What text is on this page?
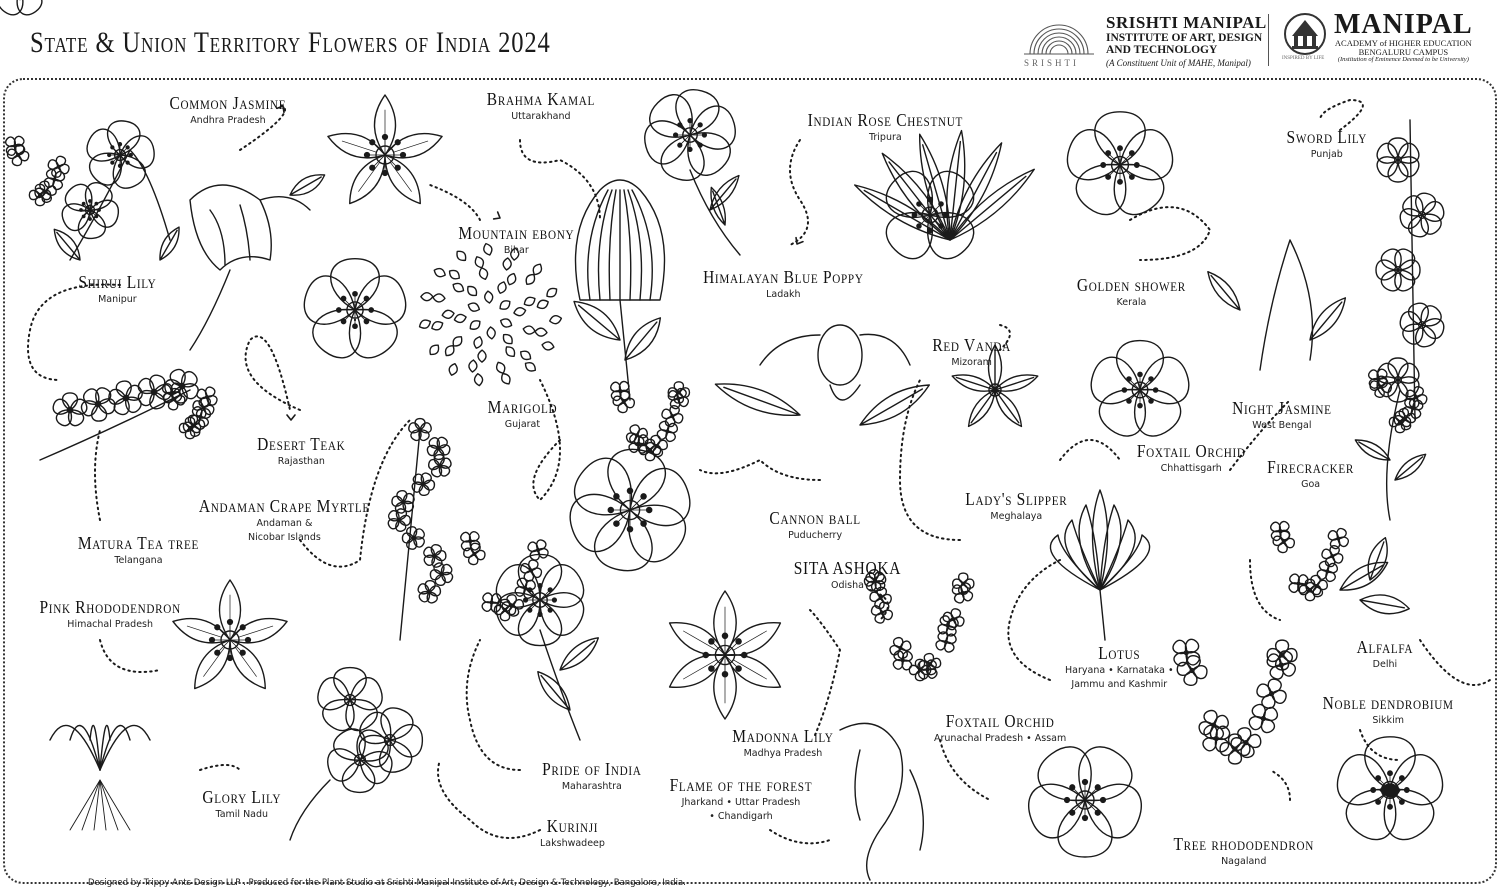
State & Union Territory Flowers of India 2024
SRISHTI
SRISHTI MANIPAL
INSTITUTE OF ART, DESIGN
AND TECHNOLOGY
(A Constituent Unit of MAHE, Manipal)	INSPIRED BY LIFE
MANIPAL
ACADEMY of HIGHER EDUCATION
BENGALURU CAMPUS
(Institution of Eminence Deemed to be University)
Common Jasmine
Andhra Pradesh
Brahma Kamal
Uttarakhand	Indian Rose Chestnut
Tripura	Sword Lily
Punjab
Shirui Lily
Manipur
Mountain ebony
Bihar
Himalayan Blue Poppy
Ladakh	Golden shower
Kerala
Red Vanda
Mizoram
Marigold
Gujarat
Night Jasmine
West Bengal
Desert Teak
Rajasthan
Foxtail Orchid
Chhattisgarh	Firecracker
Goa
Andaman Crape Myrtle
Andaman &
Nicobar Islands
Lady's Slipper
Meghalaya
Cannon ball
Puducherry
Matura Tea tree
Telangana	SITA ASHOKA
Odisha
Pink Rhododendron
Himachal Pradesh
Lotus
Haryana • Karnataka •
Jammu and Kashmir
Alfalfa
Delhi
Noble dendrobium
Sikkim
Madonna Lily
Madhya Pradesh
Foxtail Orchid
Arunachal Pradesh • Assam
Glory Lily
Tamil Nadu
Pride of India
Maharashtra	Flame of the forest
Jharkand • Uttar Pradesh
• Chandigarh
Kurinji
Lakshwadeep	Tree rhododendron
Nagaland
Designed by Trippy Ants Design LLP . Produced for the Plant Studio at Srishti Manipal Institute of Art, Design & Technology, Bangalore, India.
